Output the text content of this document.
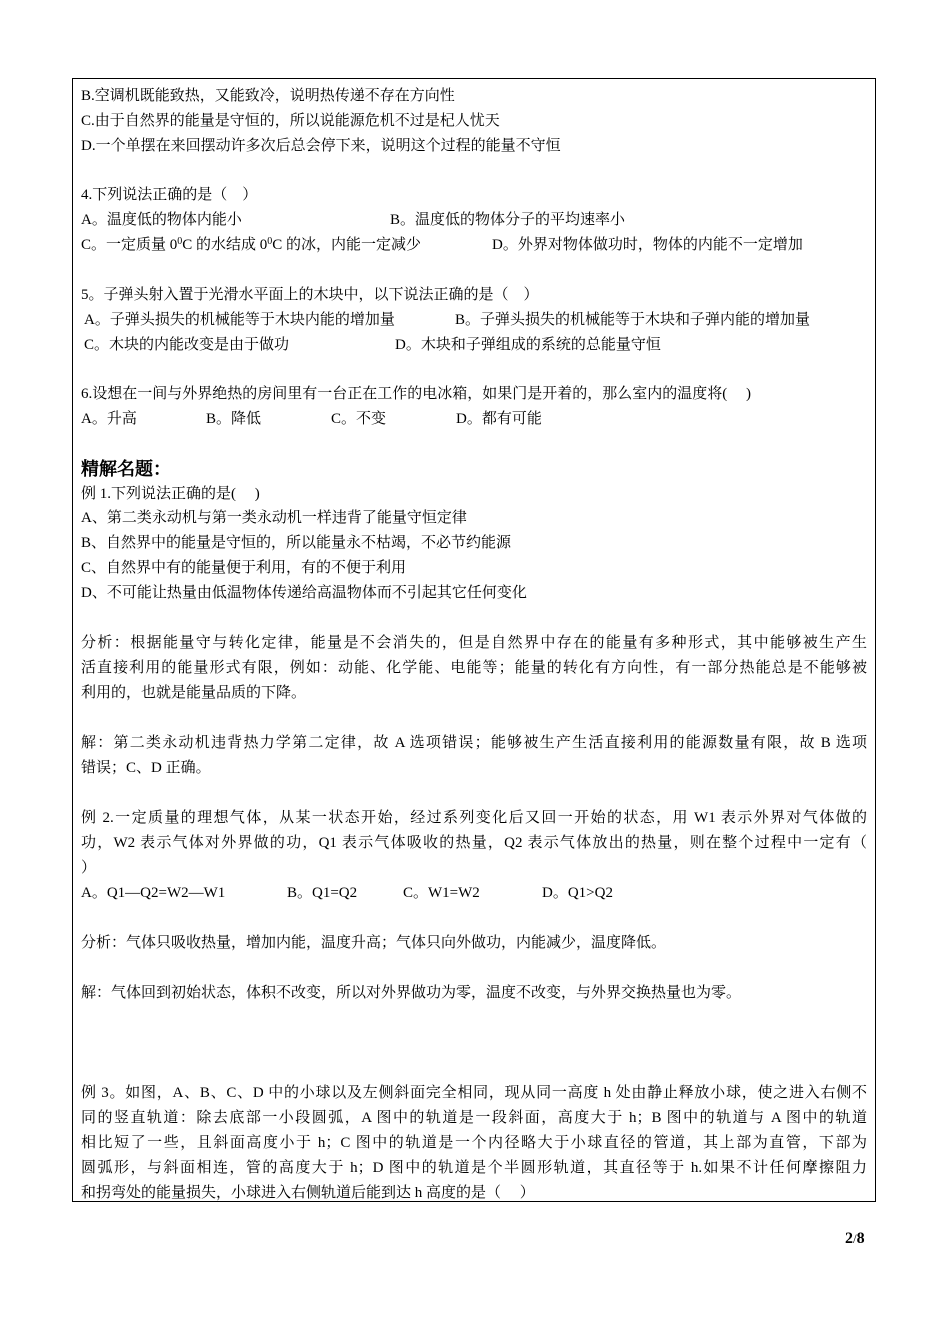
B.空调机既能致热，又能致冷，说明热传递不存在方向性
C.由于自然界的能量是守恒的，所以说能源危机不过是杞人忧天
D.一个单摆在来回摆动许多次后总会停下来，说明这个过程的能量不守恒
4.下列说法正确的是（    ）
A。温度低的物体内能小	B。温度低的物体分子的平均速率小
C。一定质量 $0^0C$ 的水结成 $0^0C$ 的冰，内能一定减少	D。外界对物体做功时，物体的内能不一定增加
5。子弹头射入置于光滑水平面上的木块中，以下说法正确的是（    ）
A。子弹头损失的机械能等于木块内能的增加量	B。子弹头损失的机械能等于木块和子弹内能的增加量
C。木块的内能改变是由于做功	D。木块和子弹组成的系统的总能量守恒
6.设想在一间与外界绝热的房间里有一台正在工作的电冰箱，如果门是开着的，那么室内的温度将(     )
A。升高	B。降低	C。不变	D。都有可能
精解名题：
例 1.下列说法正确的是(     )
A、第二类永动机与第一类永动机一样违背了能量守恒定律
B、自然界中的能量是守恒的，所以能量永不枯竭，不必节约能源
C、自然界中有的能量便于利用，有的不便于利用
D、不可能让热量由低温物体传递给高温物体而不引起其它任何变化
分析：根据能量守与转化定律，能量是不会消失的，但是自然界中存在的能量有多种形式，其中能够被生产生
活直接利用的能量形式有限，例如：动能、化学能、电能等；能量的转化有方向性，有一部分热能总是不能够被
利用的，也就是能量品质的下降。
解：第二类永动机违背热力学第二定律，故 A 选项错误；能够被生产生活直接利用的能源数量有限，故 B 选项
错误；C、D 正确。
例 2.一定质量的理想气体，从某一状态开始，经过系列变化后又回一开始的状态，用 W1 表示外界对气体做的
功，W2 表示气体对外界做的功，Q1 表示气体吸收的热量，Q2 表示气体放出的热量，则在整个过程中一定有（
）
A。Q1—Q2=W2—W1	B。Q1=Q2	C。W1=W2	D。Q1>Q2
分析：气体只吸收热量，增加内能，温度升高；气体只向外做功，内能减少，温度降低。
解：气体回到初始状态，体积不改变，所以对外界做功为零，温度不改变，与外界交换热量也为零。
例 3。如图，A、B、C、D 中的小球以及左侧斜面完全相同，现从同一高度 h 处由静止释放小球，使之进入右侧不
同的竖直轨道：除去底部一小段圆弧，A 图中的轨道是一段斜面，高度大于 h；B 图中的轨道与 A 图中的轨道
相比短了一些，且斜面高度小于 h；C 图中的轨道是一个内径略大于小球直径的管道，其上部为直管，下部为
圆弧形，与斜面相连，管的高度大于 h；D 图中的轨道是个半圆形轨道，其直径等于 h.如果不计任何摩擦阻力
和拐弯处的能量损失，小球进入右侧轨道后能到达 h 高度的是（     ）
2/8
